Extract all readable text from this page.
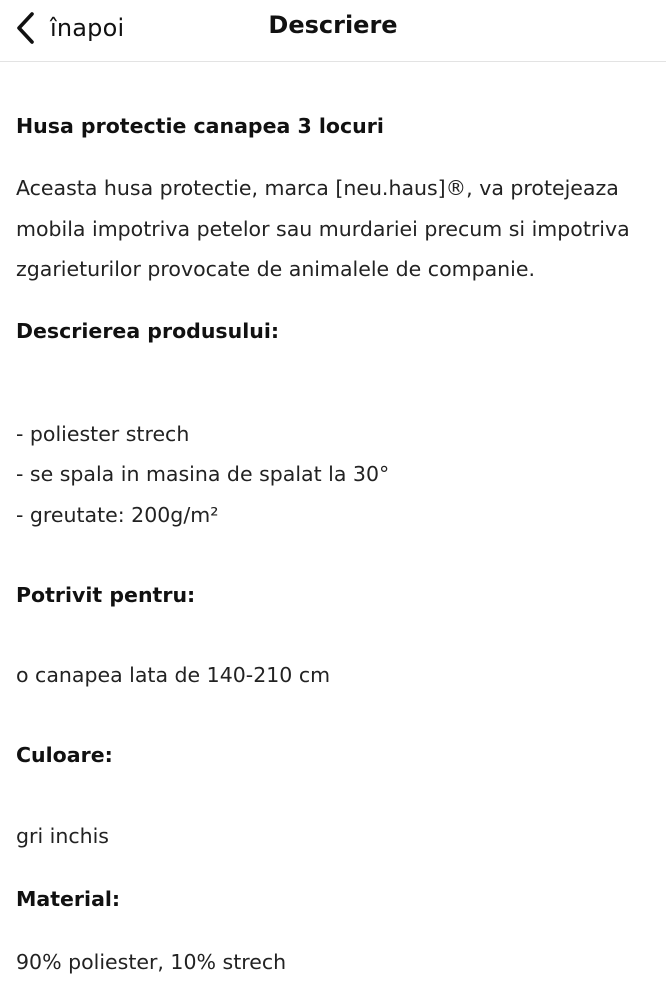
înapoi	Descriere
Husa protectie canapea 3 locuri
Aceasta husa protectie, marca [neu.haus]®, va protejeaza
mobila impotriva petelor sau murdariei precum si impotriva
zgarieturilor provocate de animalele de companie.
Descrierea produsului:
- poliester strech
- se spala in masina de spalat la 30°
- greutate: 200g/m²
Potrivit pentru:
o canapea lata de 140-210 cm
Culoare:
gri inchis
Material:
90% poliester, 10% strech
